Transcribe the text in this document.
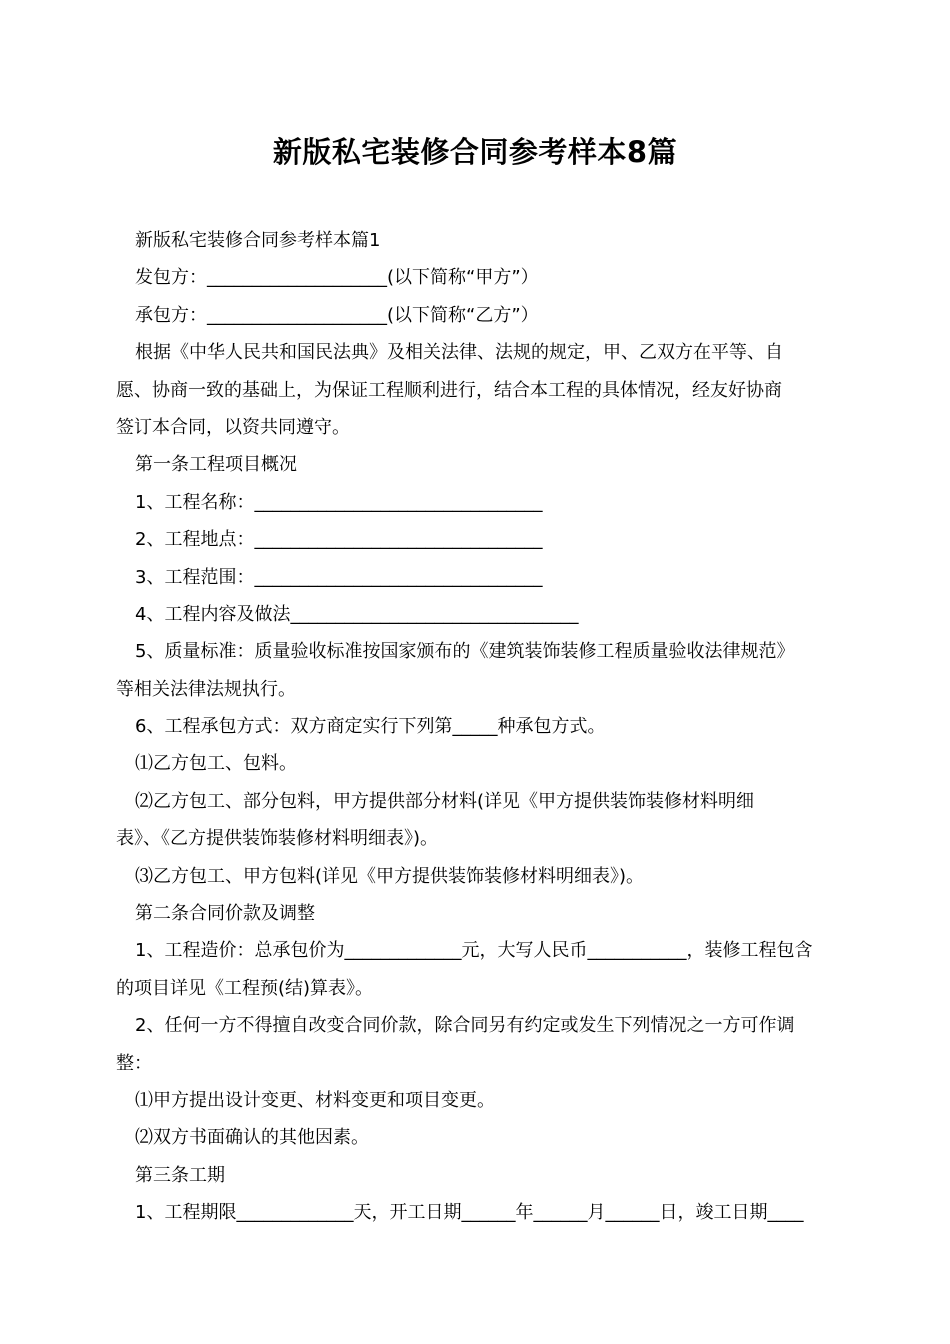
新版私宅装修合同参考样本8篇
新版私宅装修合同参考样本篇1
发包方：____________________(以下简称“甲方”）
承包方：____________________(以下简称“乙方”）
根据《中华人民共和国民法典》及相关法律、法规的规定，甲、乙双方在平等、自
愿、协商一致的基础上，为保证工程顺利进行，结合本工程的具体情况，经友好协商
签订本合同，以资共同遵守。
第一条工程项目概况
1、工程名称：________________________________
2、工程地点：________________________________
3、工程范围：________________________________
4、工程内容及做法________________________________
5、质量标准：质量验收标准按国家颁布的《建筑装饰装修工程质量验收法律规范》
等相关法律法规执行。
6、工程承包方式：双方商定实行下列第_____种承包方式。
⑴乙方包工、包料。
⑵乙方包工、部分包料，甲方提供部分材料(详见《甲方提供装饰装修材料明细
表》、《乙方提供装饰装修材料明细表》)。
⑶乙方包工、甲方包料(详见《甲方提供装饰装修材料明细表》)。
第二条合同价款及调整
1、工程造价：总承包价为_____________元，大写人民币___________，装修工程包含
的项目详见《工程预(结)算表》。
2、任何一方不得擅自改变合同价款，除合同另有约定或发生下列情况之一方可作调
整：
⑴甲方提出设计变更、材料变更和项目变更。
⑵双方书面确认的其他因素。
第三条工期
1、工程期限_____________天，开工日期______年______月______日，竣工日期____
